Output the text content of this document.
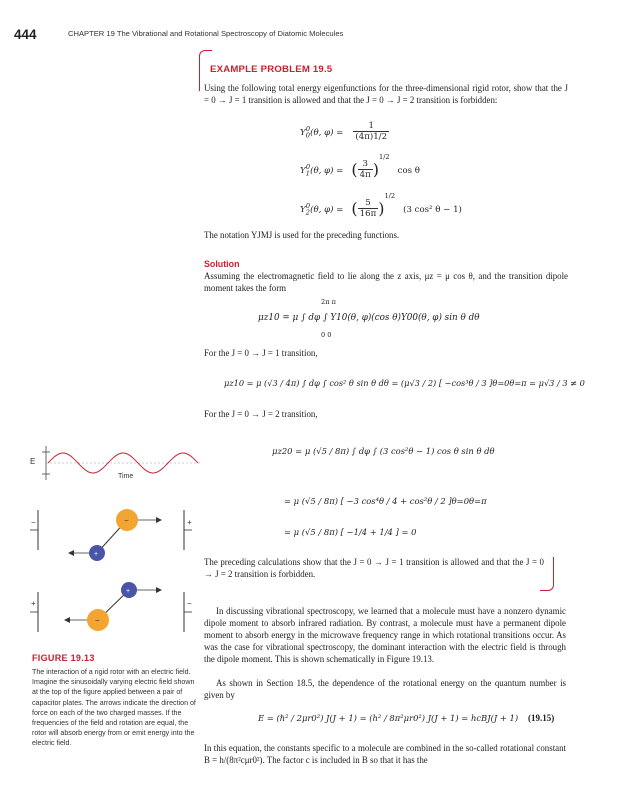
444	CHAPTER 19 The Vibrational and Rotational Spectroscopy of Diatomic Molecules
EXAMPLE PROBLEM 19.5
Using the following total energy eigenfunctions for the three-dimensional rigid rotor, show that the J = 0 → J = 1 transition is allowed and that the J = 0 → J = 2 transition is forbidden:
$Y_0^0(\theta$, $\varphi) = \frac{1}{(4\pi)1/2}$
$Y_1^0(\theta$, φ) = ( $\frac{3}{4\pi} )^{1/2}$ cos θ
$Y_2^0(\theta$, φ) = ( $\frac{5}{16\pi} )^{1/2}$ (3 cos² θ − 1)
The notation YJMJ is used for the preceding functions.
Solution
Assuming the electromagnetic field to lie along the z axis, μz = μ cos θ, and the transition dipole moment takes the form
2π π
μz10 = μ ∫ dφ ∫ Y10(θ, φ)(cos θ)Y00(θ, φ) sin θ dθ
0 0
For the J = 0 → J = 1 transition,
μz10 = μ (√3 / 4π) ∫ dφ ∫ cos² θ sin θ dθ = (μ√3 / 2) [ −cos³θ / 3 ]θ=0θ=π = μ√3 / 3 ≠ 0
For the J = 0 → J = 2 transition,
μz20 = μ (√5 / 8π) ∫ dφ ∫ (3 cos²θ − 1) cos θ sin θ dθ
= μ (√5 / 8π) [ −3 cos⁴θ / 4 + cos²θ / 2 ]θ=0θ=π
= μ (√5 / 8π) [ −1/4 + 1/4 ] = 0
The preceding calculations show that the J = 0 → J = 1 transition is allowed and that the J = 0 → J = 2 transition is forbidden.
In discussing vibrational spectroscopy, we learned that a molecule must have a nonzero dynamic dipole moment to absorb infrared radiation. By contrast, a molecule must have a permanent dipole moment to absorb energy in the microwave frequency range in which rotational transitions occur. As was the case for vibrational spectroscopy, the dominant interaction with the electric field is through the dipole moment. This is shown schematically in Figure 19.13.
As shown in Section 18.5, the dependence of the rotational energy on the quantum number is given by
E = (ℏ² / 2μr0²) J(J + 1) = (h² / 8π²μr0²) J(J + 1) = hcBJ(J + 1) (19.15)
In this equation, the constants specific to a molecule are combined in the so-called rotational constant B = h/(8π²cμr0²). The factor c is included in B so that it has the
E
Time
−	+
−
+
+	−
+
−
FIGURE 19.13
The interaction of a rigid rotor with an electric field. Imagine the sinusoidally varying electric field shown at the top of the figure applied between a pair of capacitor plates. The arrows indicate the direction of force on each of the two charged masses. If the frequencies of the field and rotation are equal, the rotor will absorb energy from or emit energy into the electric field.
